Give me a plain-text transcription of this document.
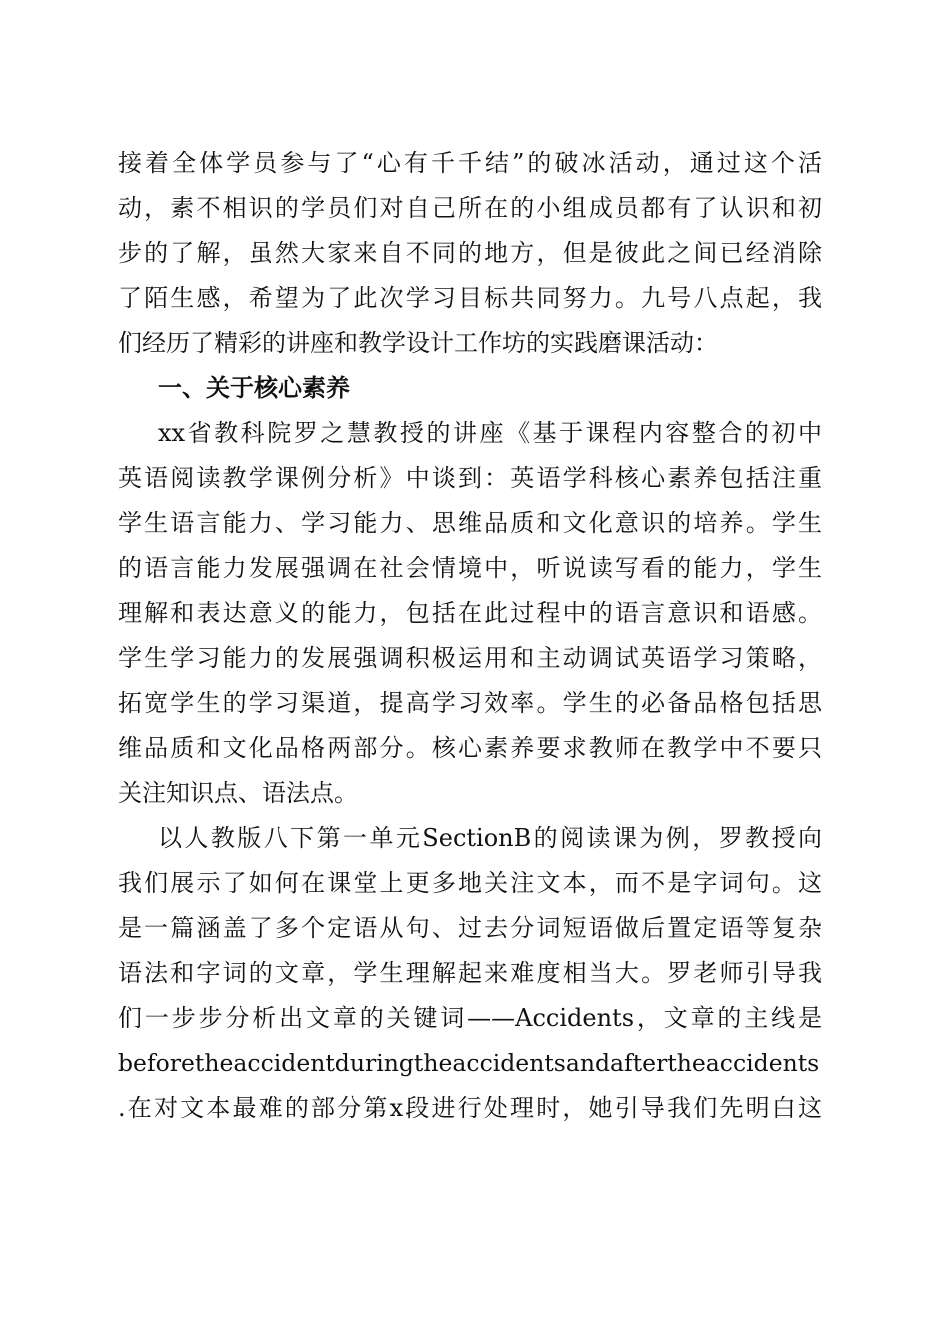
接着全体学员参与了“心有千千结”的破冰活动，通过这个活
动，素不相识的学员们对自己所在的小组成员都有了认识和初
步的了解，虽然大家来自不同的地方，但是彼此之间已经消除
了陌生感，希望为了此次学习目标共同努力。九号八点起，我
们经历了精彩的讲座和教学设计工作坊的实践磨课活动：
一、关于核心素养
xx省教科院罗之慧教授的讲座《基于课程内容整合的初中
英语阅读教学课例分析》中谈到：英语学科核心素养包括注重
学生语言能力、学习能力、思维品质和文化意识的培养。学生
的语言能力发展强调在社会情境中，听说读写看的能力，学生
理解和表达意义的能力，包括在此过程中的语言意识和语感。
学生学习能力的发展强调积极运用和主动调试英语学习策略，
拓宽学生的学习渠道，提高学习效率。学生的必备品格包括思
维品质和文化品格两部分。核心素养要求教师在教学中不要只
关注知识点、语法点。
以人教版八下第一单元SectionB的阅读课为例，罗教授向
我们展示了如何在课堂上更多地关注文本，而不是字词句。这
是一篇涵盖了多个定语从句、过去分词短语做后置定语等复杂
语法和字词的文章，学生理解起来难度相当大。罗老师引导我
们一步步分析出文章的关键词——Accidents，文章的主线是
beforetheaccidentduringtheaccidentsandaftertheaccidents
.在对文本最难的部分第x段进行处理时，她引导我们先明白这
